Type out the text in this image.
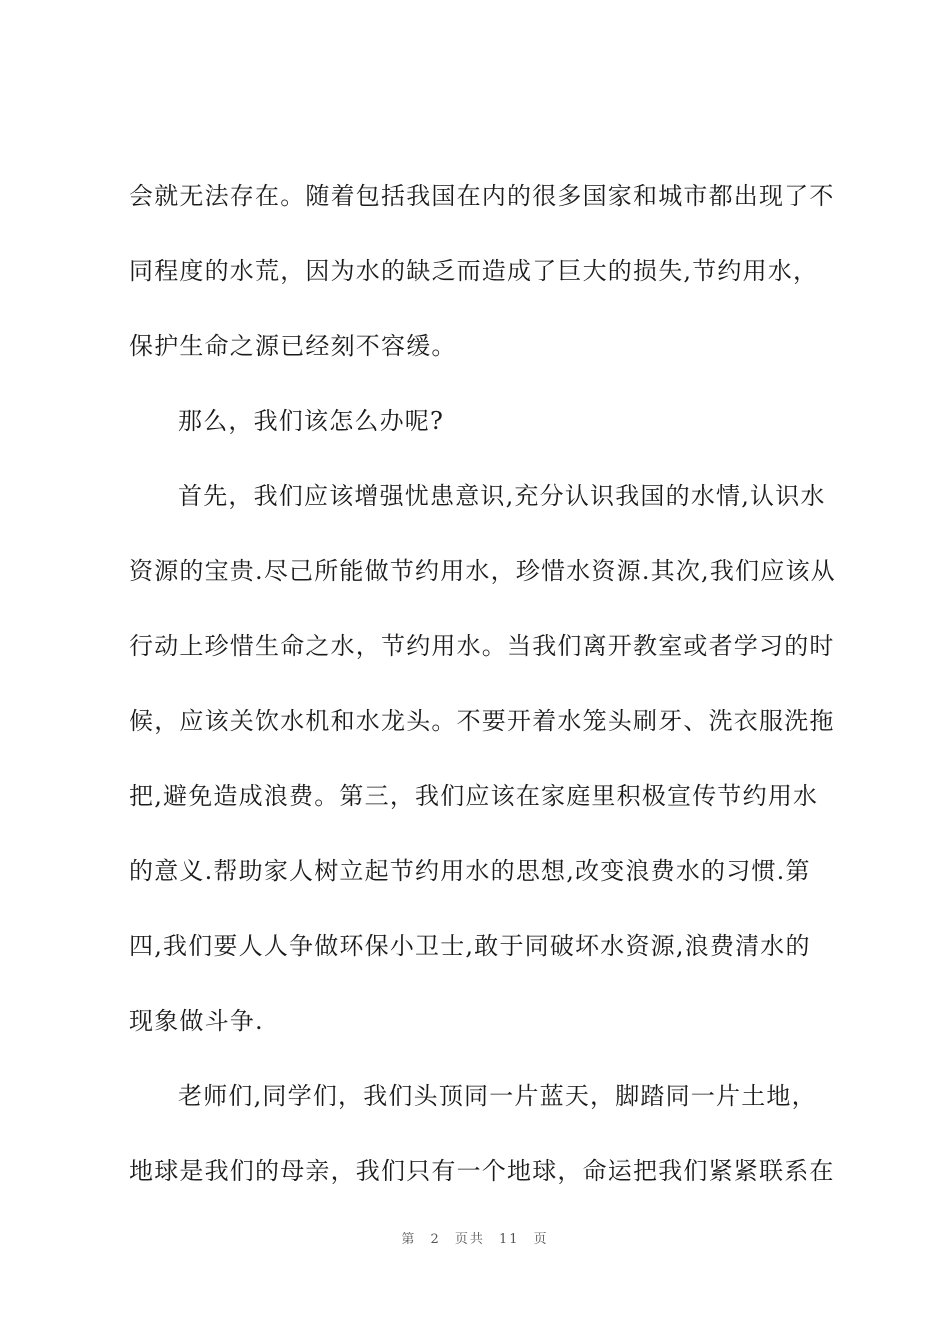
会就无法存在。随着包括我国在内的很多国家和城市都出现了不
同程度的水荒，因为水的缺乏而造成了巨大的损失,节约用水，
保护生命之源已经刻不容缓。
那么，我们该怎么办呢?
首先，我们应该增强忧患意识,充分认识我国的水情,认识水
资源的宝贵.尽己所能做节约用水，珍惜水资源.其次,我们应该从
行动上珍惜生命之水，节约用水。当我们离开教室或者学习的时
候，应该关饮水机和水龙头。不要开着水笼头刷牙、洗衣服洗拖
把,避免造成浪费。第三，我们应该在家庭里积极宣传节约用水
的意义.帮助家人树立起节约用水的思想,改变浪费水的习惯.第
四,我们要人人争做环保小卫士,敢于同破坏水资源,浪费清水的
现象做斗争.
老师们,同学们，我们头顶同一片蓝天，脚踏同一片土地，
地球是我们的母亲，我们只有一个地球，命运把我们紧紧联系在
第 2 页共 11 页
